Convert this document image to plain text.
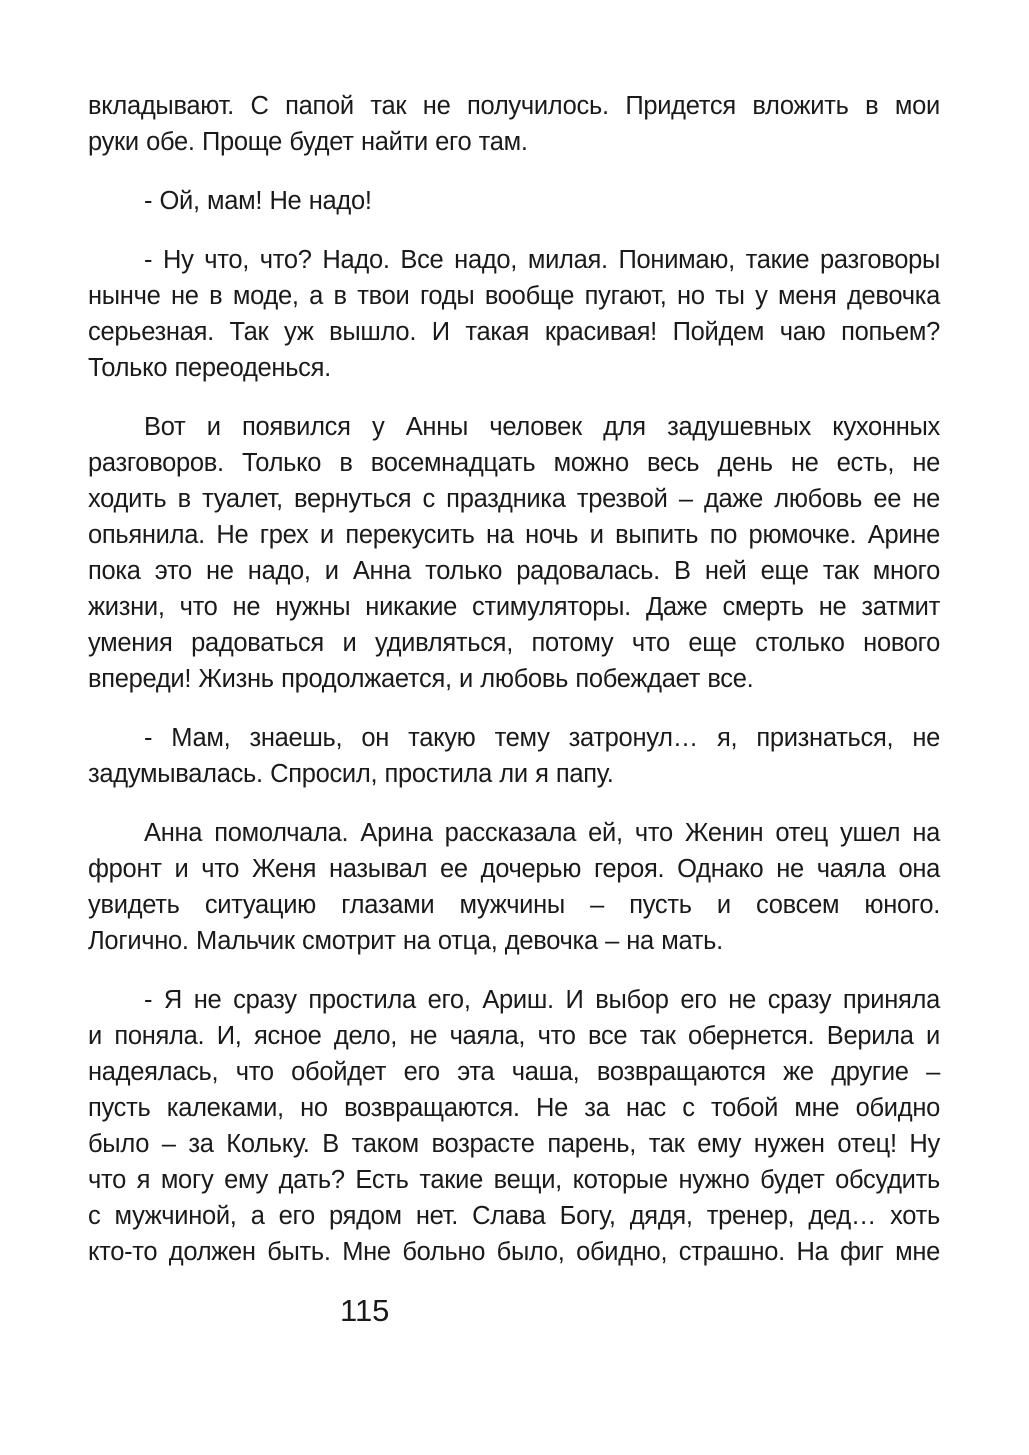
вкладывают. С папой так не получилось. Придется вложить в мои
руки обе. Проще будет найти его там.
- Ой, мам! Не надо!
- Ну что, что? Надо. Все надо, милая. Понимаю, такие разговоры
нынче не в моде, а в твои годы вообще пугают, но ты у меня девочка
серьезная. Так уж вышло. И такая красивая! Пойдем чаю попьем?
Только переоденься.
Вот и появился у Анны человек для задушевных кухонных
разговоров. Только в восемнадцать можно весь день не есть, не
ходить в туалет, вернуться с праздника трезвой – даже любовь ее не
опьянила. Не грех и перекусить на ночь и выпить по рюмочке. Арине
пока это не надо, и Анна только радовалась. В ней еще так много
жизни, что не нужны никакие стимуляторы. Даже смерть не затмит
умения радоваться и удивляться, потому что еще столько нового
впереди! Жизнь продолжается, и любовь побеждает все.
- Мам, знаешь, он такую тему затронул… я, признаться, не
задумывалась. Спросил, простила ли я папу.
Анна помолчала. Арина рассказала ей, что Женин отец ушел на
фронт и что Женя называл ее дочерью героя. Однако не чаяла она
увидеть ситуацию глазами мужчины – пусть и совсем юного.
Логично. Мальчик смотрит на отца, девочка – на мать.
- Я не сразу простила его, Ариш. И выбор его не сразу приняла
и поняла. И, ясное дело, не чаяла, что все так обернется. Верила и
надеялась, что обойдет его эта чаша, возвращаются же другие –
пусть калеками, но возвращаются. Не за нас с тобой мне обидно
было – за Кольку. В таком возрасте парень, так ему нужен отец! Ну
что я могу ему дать? Есть такие вещи, которые нужно будет обсудить
с мужчиной, а его рядом нет. Слава Богу, дядя, тренер, дед… хоть
кто-то должен быть. Мне больно было, обидно, страшно. На фиг мне
115
